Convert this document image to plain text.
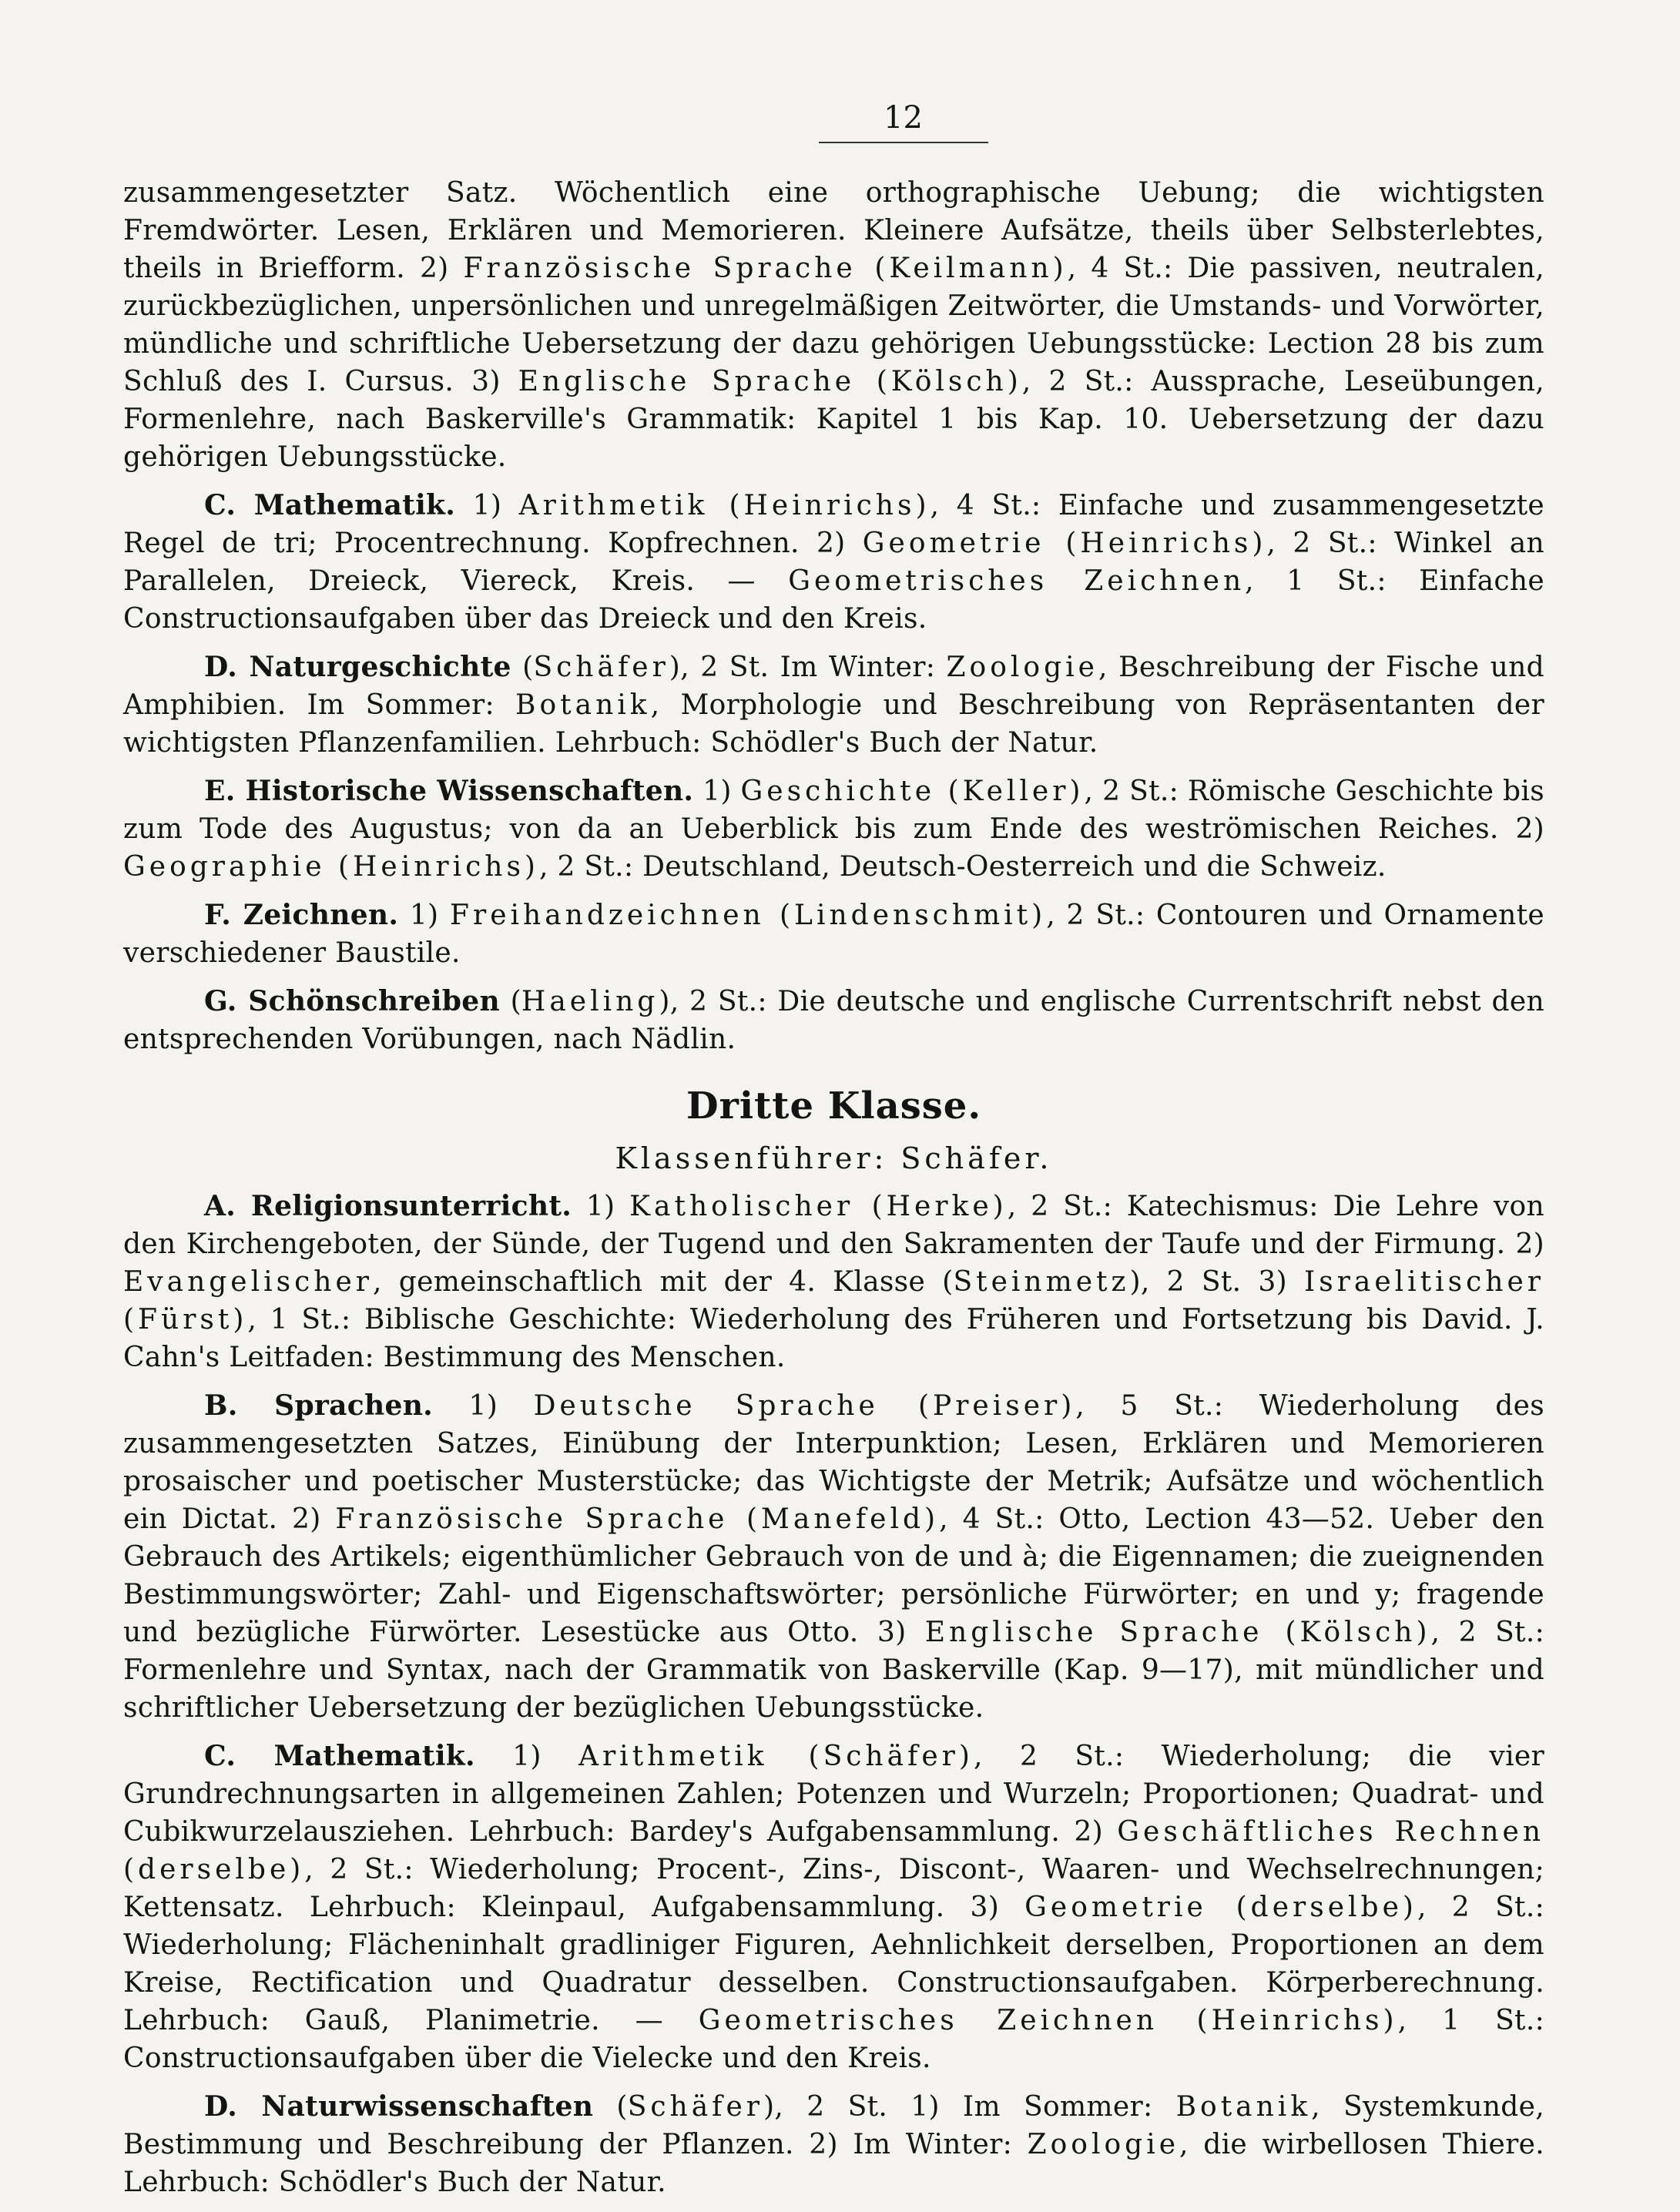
12

zusammengesetzter Satz. Wöchentlich eine orthographische Uebung; die wichtigsten Fremdwörter. Lesen, Erklären und Memorieren. Kleinere Aufsätze, theils über Selbsterlebtes, theils in Briefform. 2) Französische Sprache (Keilmann), 4 St.: Die passiven, neutralen, zurückbezüglichen, unpersönlichen und unregelmäßigen Zeitwörter, die Umstands- und Vorwörter, mündliche und schriftliche Uebersetzung der dazu gehörigen Uebungsstücke: Lection 28 bis zum Schluß des I. Cursus. 3) Englische Sprache (Kölsch), 2 St.: Aussprache, Leseübungen, Formenlehre, nach Baskerville's Grammatik: Kapitel 1 bis Kap. 10. Uebersetzung der dazu gehörigen Uebungsstücke.

C. Mathematik. 1) Arithmetik (Heinrichs), 4 St.: Einfache und zusammengesetzte Regel de tri; Procentrechnung. Kopfrechnen. 2) Geometrie (Heinrichs), 2 St.: Winkel an Parallelen, Dreieck, Viereck, Kreis. — Geometrisches Zeichnen, 1 St.: Einfache Constructionsaufgaben über das Dreieck und den Kreis.

D. Naturgeschichte (Schäfer), 2 St. Im Winter: Zoologie, Beschreibung der Fische und Amphibien. Im Sommer: Botanik, Morphologie und Beschreibung von Repräsentanten der wichtigsten Pflanzenfamilien. Lehrbuch: Schödler's Buch der Natur.

E. Historische Wissenschaften. 1) Geschichte (Keller), 2 St.: Römische Geschichte bis zum Tode des Augustus; von da an Ueberblick bis zum Ende des weströmischen Reiches. 2) Geographie (Heinrichs), 2 St.: Deutschland, Deutsch-Oesterreich und die Schweiz.

F. Zeichnen. 1) Freihandzeichnen (Lindenschmit), 2 St.: Contouren und Ornamente verschiedener Baustile.

G. Schönschreiben (Haeling), 2 St.: Die deutsche und englische Currentschrift nebst den entsprechenden Vorübungen, nach Nädlin.

Dritte Klasse.
Klassenführer: Schäfer.

A. Religionsunterricht. 1) Katholischer (Herke), 2 St.: Katechismus: Die Lehre von den Kirchengeboten, der Sünde, der Tugend und den Sakramenten der Taufe und der Firmung. 2) Evangelischer, gemeinschaftlich mit der 4. Klasse (Steinmetz), 2 St. 3) Israelitischer (Fürst), 1 St.: Biblische Geschichte: Wiederholung des Früheren und Fortsetzung bis David. J. Cahn's Leitfaden: Bestimmung des Menschen.

B. Sprachen. 1) Deutsche Sprache (Preiser), 5 St.: Wiederholung des zusammengesetzten Satzes, Einübung der Interpunktion; Lesen, Erklären und Memorieren prosaischer und poetischer Musterstücke; das Wichtigste der Metrik; Aufsätze und wöchentlich ein Dictat. 2) Französische Sprache (Manefeld), 4 St.: Otto, Lection 43—52. Ueber den Gebrauch des Artikels; eigenthümlicher Gebrauch von de und à; die Eigennamen; die zueignenden Bestimmungswörter; Zahl- und Eigenschaftswörter; persönliche Fürwörter; en und y; fragende und bezügliche Fürwörter. Lesestücke aus Otto. 3) Englische Sprache (Kölsch), 2 St.: Formenlehre und Syntax, nach der Grammatik von Baskerville (Kap. 9—17), mit mündlicher und schriftlicher Uebersetzung der bezüglichen Uebungsstücke.

C. Mathematik. 1) Arithmetik (Schäfer), 2 St.: Wiederholung; die vier Grundrechnungsarten in allgemeinen Zahlen; Potenzen und Wurzeln; Proportionen; Quadrat- und Cubikwurzelausziehen. Lehrbuch: Bardey's Aufgabensammlung. 2) Geschäftliches Rechnen (derselbe), 2 St.: Wiederholung; Procent-, Zins-, Discont-, Waaren- und Wechselrechnungen; Kettensatz. Lehrbuch: Kleinpaul, Aufgabensammlung. 3) Geometrie (derselbe), 2 St.: Wiederholung; Flächeninhalt gradliniger Figuren, Aehnlichkeit derselben, Proportionen an dem Kreise, Rectification und Quadratur desselben. Constructionsaufgaben. Körperberechnung. Lehrbuch: Gauß, Planimetrie. — Geometrisches Zeichnen (Heinrichs), 1 St.: Constructionsaufgaben über die Vielecke und den Kreis.

D. Naturwissenschaften (Schäfer), 2 St. 1) Im Sommer: Botanik, Systemkunde, Bestimmung und Beschreibung der Pflanzen. 2) Im Winter: Zoologie, die wirbellosen Thiere. Lehrbuch: Schödler's Buch der Natur.
